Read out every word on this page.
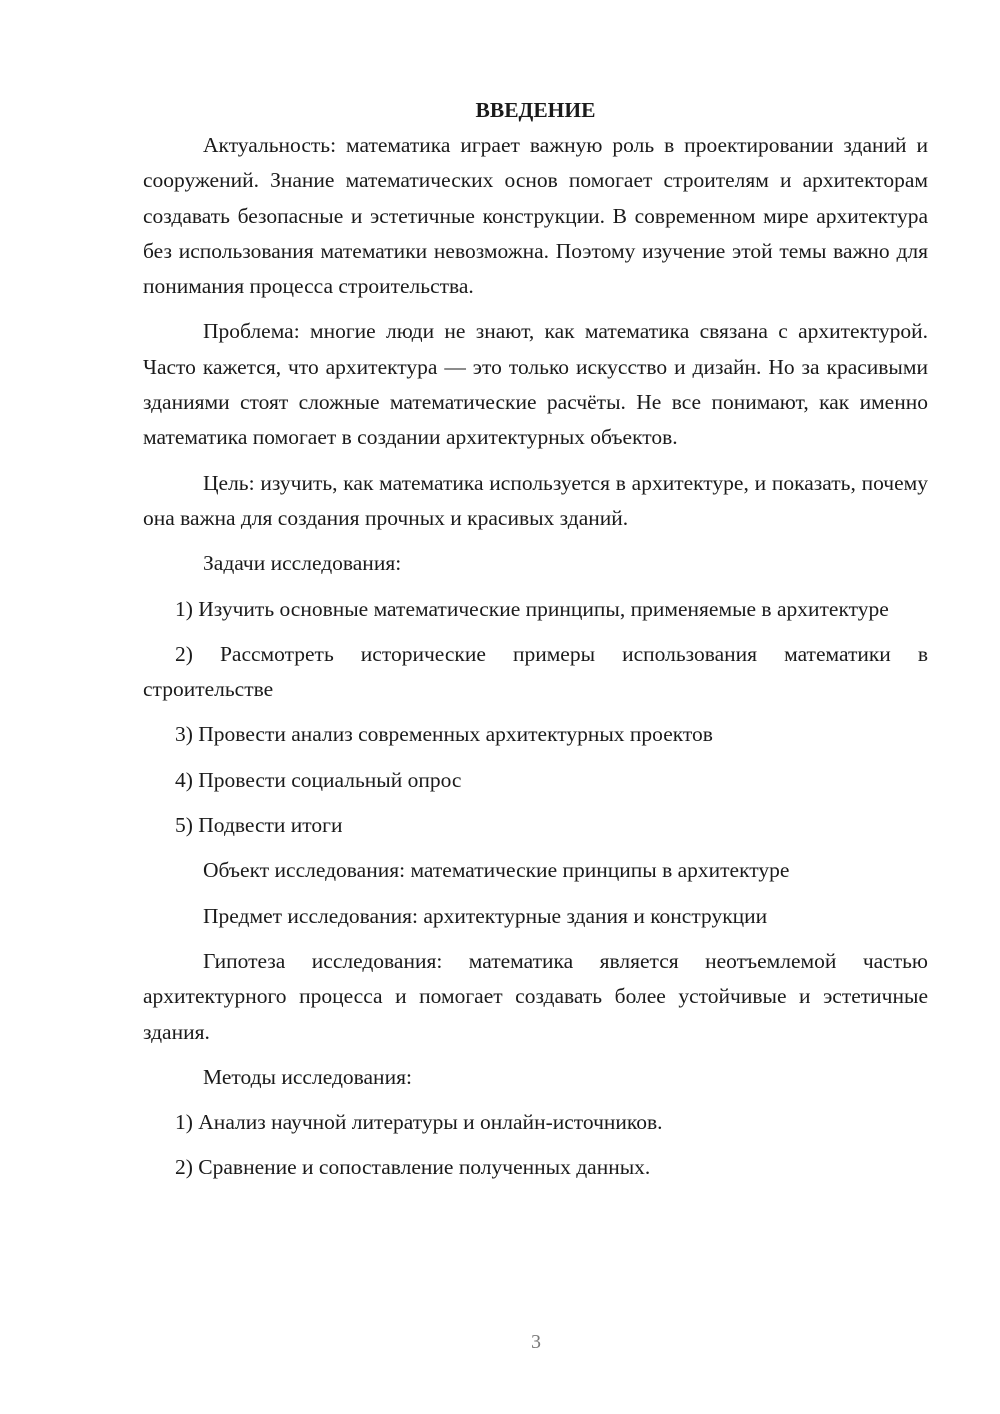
ВВЕДЕНИЕ

Актуальность: математика играет важную роль в проектировании зданий и сооружений. Знание математических основ помогает строителям и архитекторам создавать безопасные и эстетичные конструкции. В современном мире архитектура без использования математики невозможна. Поэтому изучение этой темы важно для понимания процесса строительства.

Проблема: многие люди не знают, как математика связана с архитектурой. Часто кажется, что архитектура — это только искусство и дизайн. Но за красивыми зданиями стоят сложные математические расчёты. Не все понимают, как именно математика помогает в создании архитектурных объектов.

Цель: изучить, как математика используется в архитектуре, и показать, почему она важна для создания прочных и красивых зданий.

Задачи исследования:

1) Изучить основные математические принципы, применяемые в архитектуре

2) Рассмотреть исторические примеры использования математики в строительстве

3) Провести анализ современных архитектурных проектов

4) Провести социальный опрос

5) Подвести итоги

Объект исследования: математические принципы в архитектуре

Предмет исследования: архитектурные здания и конструкции

Гипотеза исследования: математика является неотъемлемой частью архитектурного процесса и помогает создавать более устойчивые и эстетичные здания.

Методы исследования:

1) Анализ научной литературы и онлайн-источников.

2) Сравнение и сопоставление полученных данных.

3
